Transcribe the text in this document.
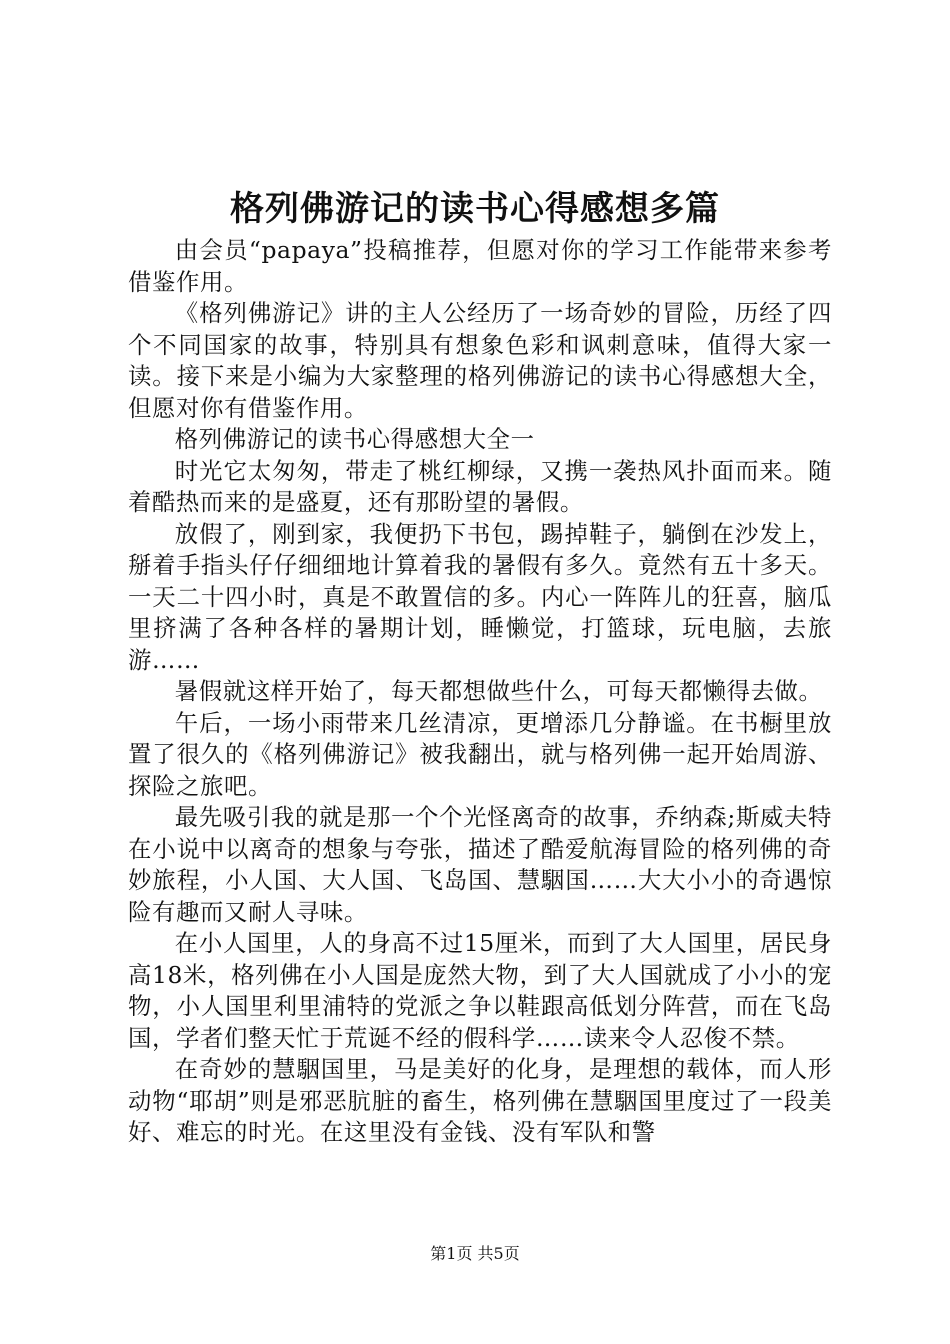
格列佛游记的读书心得感想多篇

由会员“papaya”投稿推荐，但愿对你的学习工作能带来参考借鉴作用。

《格列佛游记》讲的主人公经历了一场奇妙的冒险，历经了四个不同国家的故事，特别具有想象色彩和讽刺意味，值得大家一读。接下来是小编为大家整理的格列佛游记的读书心得感想大全，但愿对你有借鉴作用。

格列佛游记的读书心得感想大全一

时光它太匆匆，带走了桃红柳绿，又携一袭热风扑面而来。随着酷热而来的是盛夏，还有那盼望的暑假。

放假了，刚到家，我便扔下书包，踢掉鞋子，躺倒在沙发上，掰着手指头仔仔细细地计算着我的暑假有多久。竟然有五十多天。一天二十四小时，真是不敢置信的多。内心一阵阵儿的狂喜，脑瓜里挤满了各种各样的暑期计划，睡懒觉，打篮球，玩电脑，去旅游……

暑假就这样开始了，每天都想做些什么，可每天都懒得去做。

午后，一场小雨带来几丝清凉，更增添几分静谧。在书橱里放置了很久的《格列佛游记》被我翻出，就与格列佛一起开始周游、探险之旅吧。

最先吸引我的就是那一个个光怪离奇的故事，乔纳森;斯威夫特在小说中以离奇的想象与夸张，描述了酷爱航海冒险的格列佛的奇妙旅程，小人国、大人国、飞岛国、慧駰国……大大小小的奇遇惊险有趣而又耐人寻味。

在小人国里，人的身高不过15厘米，而到了大人国里，居民身高18米，格列佛在小人国是庞然大物，到了大人国就成了小小的宠物，小人国里利里浦特的党派之争以鞋跟高低划分阵营，而在飞岛国，学者们整天忙于荒诞不经的假科学……读来令人忍俊不禁。

在奇妙的慧駰国里，马是美好的化身，是理想的载体，而人形动物“耶胡”则是邪恶肮脏的畜生，格列佛在慧駰国里度过了一段美好、难忘的时光。在这里没有金钱、没有军队和警

第1页 共5页
